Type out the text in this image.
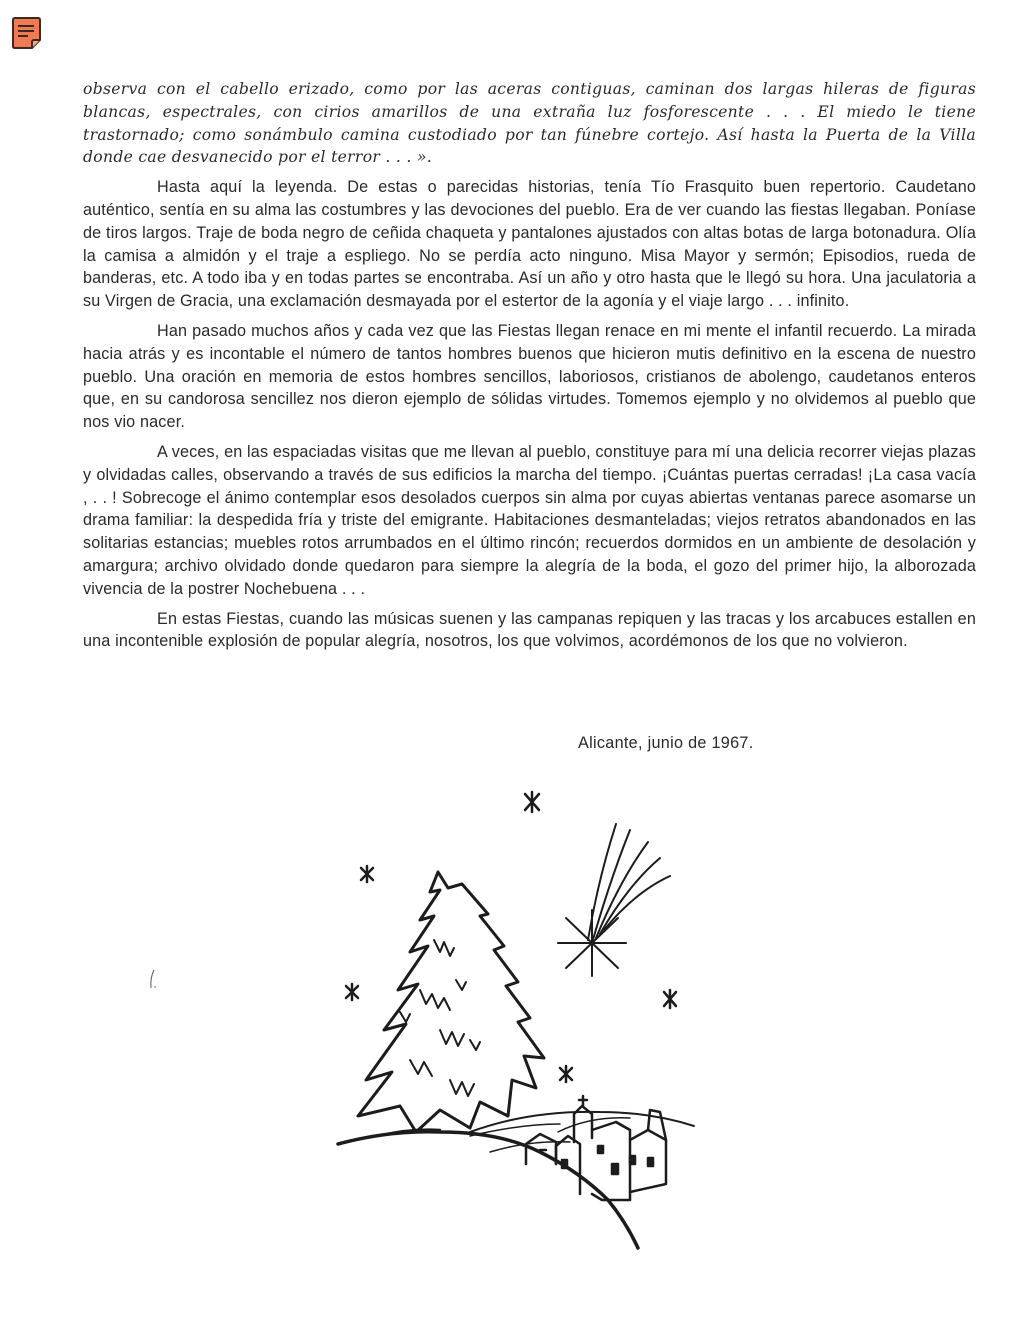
observa con el cabello erizado, como por las aceras contiguas, caminan dos largas hileras de figuras blancas, espectrales, con cirios amarillos de una extraña luz fosforescente . . . El miedo le tiene trastornado; como sonámbulo camina custodiado por tan fúnebre cortejo. Así hasta la Puerta de la Villa donde cae desvanecido por el terror . . . ».

Hasta aquí la leyenda. De estas o parecidas historias, tenía Tío Frasquito buen repertorio. Caudetano auténtico, sentía en su alma las costumbres y las devociones del pueblo. Era de ver cuando las fiestas llegaban. Poníase de tiros largos. Traje de boda negro de ceñida chaqueta y pantalones ajustados con altas botas de larga botonadura. Olía la camisa a almidón y el traje a espliego. No se perdía acto ninguno. Misa Mayor y sermón; Episodios, rueda de banderas, etc. A todo iba y en todas partes se encontraba. Así un año y otro hasta que le llegó su hora. Una jaculatoria a su Virgen de Gracia, una exclamación desmayada por el estertor de la agonía y el viaje largo . . . infinito.

Han pasado muchos años y cada vez que las Fiestas llegan renace en mi mente el infantil recuerdo. La mirada hacia atrás y es incontable el número de tantos hombres buenos que hicieron mutis definitivo en la escena de nuestro pueblo. Una oración en memoria de estos hombres sencillos, laboriosos, cristianos de abolengo, caudetanos enteros que, en su candorosa sencillez nos dieron ejemplo de sólidas virtudes. Tomemos ejemplo y no olvidemos al pueblo que nos vio nacer.

A veces, en las espaciadas visitas que me llevan al pueblo, constituye para mí una delicia recorrer viejas plazas y olvidadas calles, observando a través de sus edificios la marcha del tiempo. ¡Cuántas puertas cerradas! ¡La casa vacía , . . ! Sobrecoge el ánimo contemplar esos desolados cuerpos sin alma por cuyas abiertas ventanas parece asomarse un drama familiar: la despedida fría y triste del emigrante. Habitaciones desmanteladas; viejos retratos abandonados en las solitarias estancias; muebles rotos arrumbados en el último rincón; recuerdos dormidos en un ambiente de desolación y amargura; archivo olvidado donde quedaron para siempre la alegría de la boda, el gozo del primer hijo, la alborozada vivencia de la postrer Nochebuena . . .

En estas Fiestas, cuando las músicas suenen y las campanas repiquen y las tracas y los arcabuces estallen en una incontenible explosión de popular alegría, nosotros, los que volvimos, acordémonos de los que no volvieron.

Alicante, junio de 1967.
